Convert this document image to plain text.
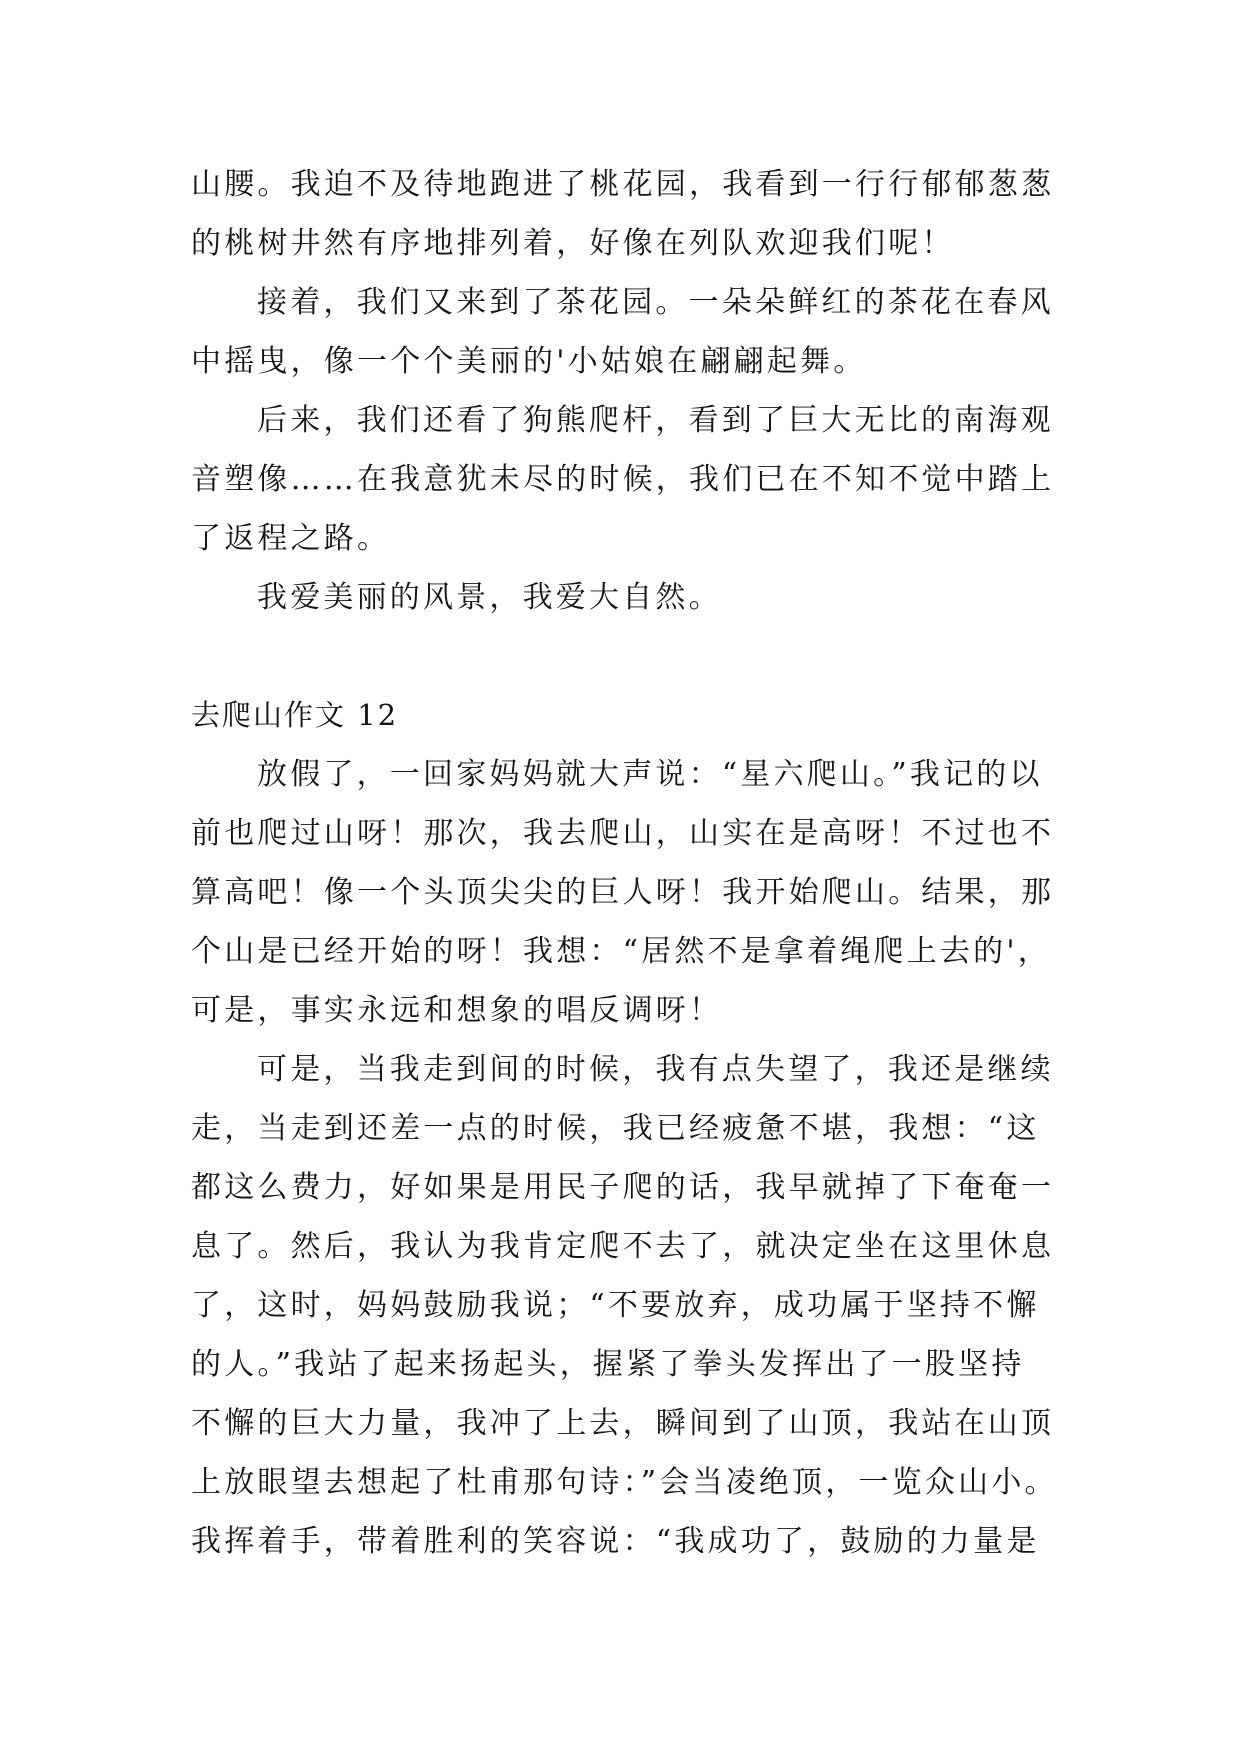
山腰。我迫不及待地跑进了桃花园，我看到一行行郁郁葱葱
的桃树井然有序地排列着，好像在列队欢迎我们呢！
接着，我们又来到了茶花园。一朵朵鲜红的茶花在春风
中摇曳，像一个个美丽的'小姑娘在翩翩起舞。
后来，我们还看了狗熊爬杆，看到了巨大无比的南海观
音塑像……在我意犹未尽的时候，我们已在不知不觉中踏上
了返程之路。
我爱美丽的风景，我爱大自然。
去爬山作文 12
放假了，一回家妈妈就大声说：“星六爬山。”我记的以
前也爬过山呀！那次，我去爬山，山实在是高呀！不过也不
算高吧！像一个头顶尖尖的巨人呀！我开始爬山。结果，那
个山是已经开始的呀！我想：“居然不是拿着绳爬上去的'，
可是，事实永远和想象的唱反调呀！
可是，当我走到间的时候，我有点失望了，我还是继续
走，当走到还差一点的时候，我已经疲惫不堪，我想：“这
都这么费力，好如果是用民子爬的话，我早就掉了下奄奄一
息了。然后，我认为我肯定爬不去了，就决定坐在这里休息
了，这时，妈妈鼓励我说；“不要放弃，成功属于坚持不懈
的人。”我站了起来扬起头，握紧了拳头发挥出了一股坚持
不懈的巨大力量，我冲了上去，瞬间到了山顶，我站在山顶
上放眼望去想起了杜甫那句诗：”会当凌绝顶，一览众山小。
我挥着手，带着胜利的笑容说：“我成功了，鼓励的力量是
